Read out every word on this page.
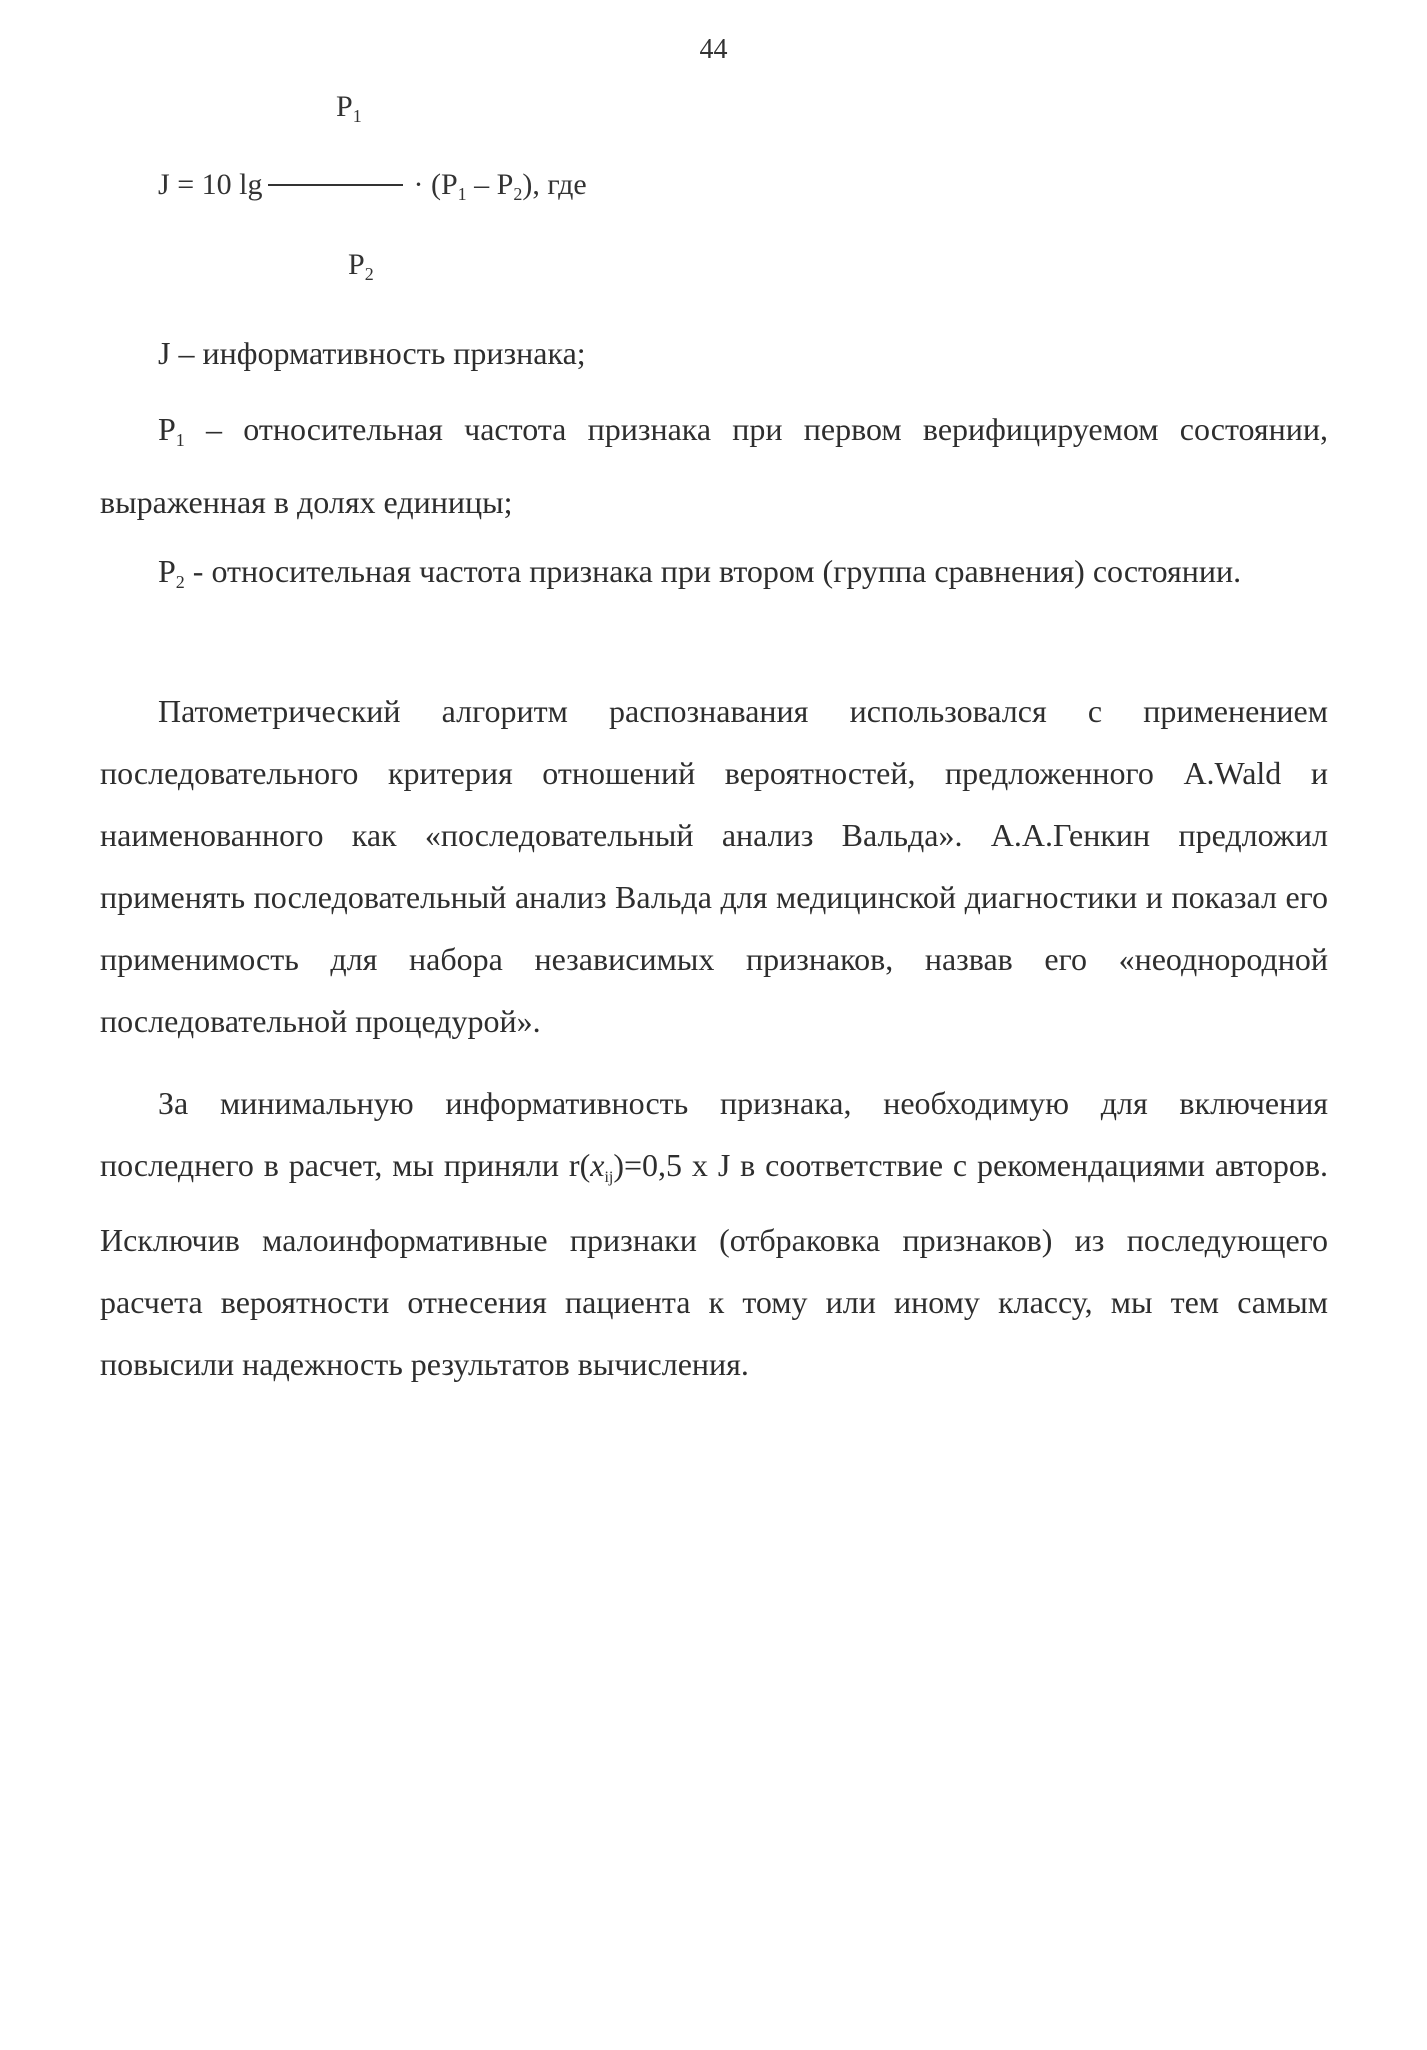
44
$P_1$
J = 10 lg	· $(P_1 - P_2)$, где
$P_2$
J – информативность признака;
$P_1$ – относительная частота признака при первом верифицируемом состоянии, выраженная в долях единицы;
$P_2$ - относительная частота признака при втором (группа сравнения) состоянии.
Патометрический алгоритм распознавания использовался с применением последовательного критерия отношений вероятностей, предложенного A.Wald и наименованного как «последовательный анализ Вальда». А.А.Генкин предложил применять последовательный анализ Вальда для медицинской диагностики и показал его применимость для набора независимых признаков, назвав его «неоднородной последовательной процедурой».
За минимальную информативность признака, необходимую для включения последнего в расчет, мы приняли $r(x_{ij})=0,5$ x J в соответствие с рекомендациями авторов. Исключив малоинформативные признаки (отбраковка признаков) из последующего расчета вероятности отнесения пациента к тому или иному классу, мы тем самым повысили надежность результатов вычисления.
